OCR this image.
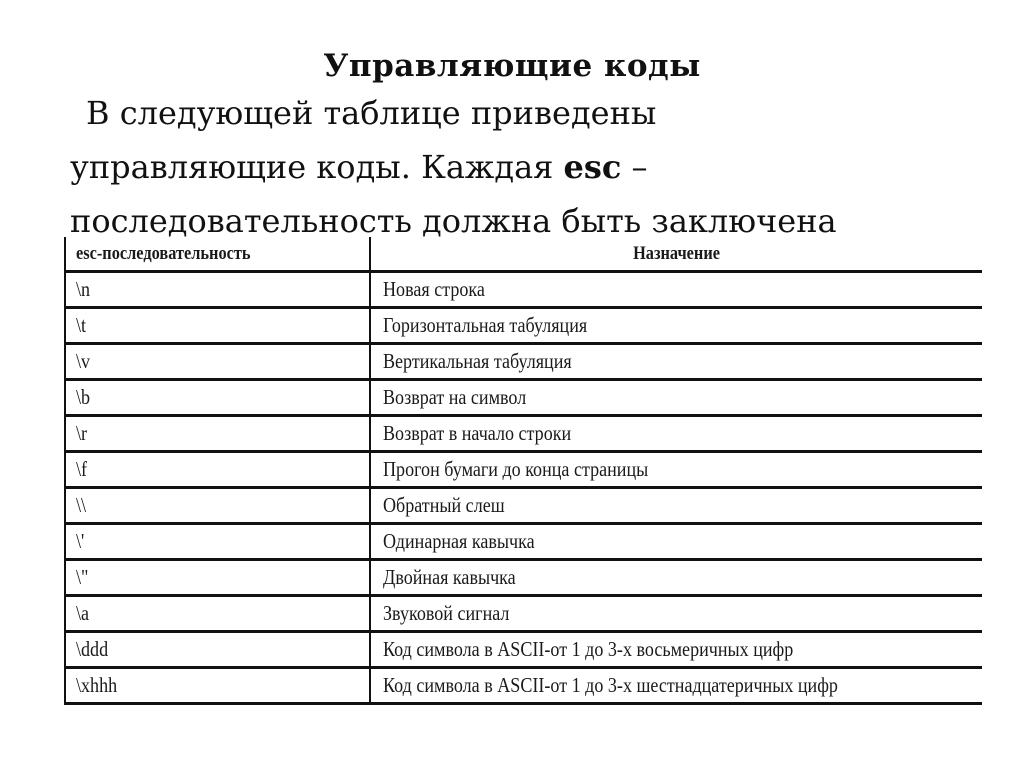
Управляющие коды
В следующей таблице приведены
управляющие коды. Каждая esc –
последовательность должна быть заключена
esc-последовательность	Назначение
\n	Новая строка
\t	Горизонтальная табуляция
\v	Вертикальная табуляция
\b	Возврат на символ
\r	Возврат в начало строки
\f	Прогон бумаги до конца страницы
\\	Обратный слеш
\'	Одинарная кавычка
\"	Двойная кавычка
\a	Звуковой сигнал
\ddd	Код символа в ASCII-от 1 до 3-х восьмеричных цифр
\xhhh	Код символа в ASCII-от 1 до 3-х шестнадцатеричных цифр
